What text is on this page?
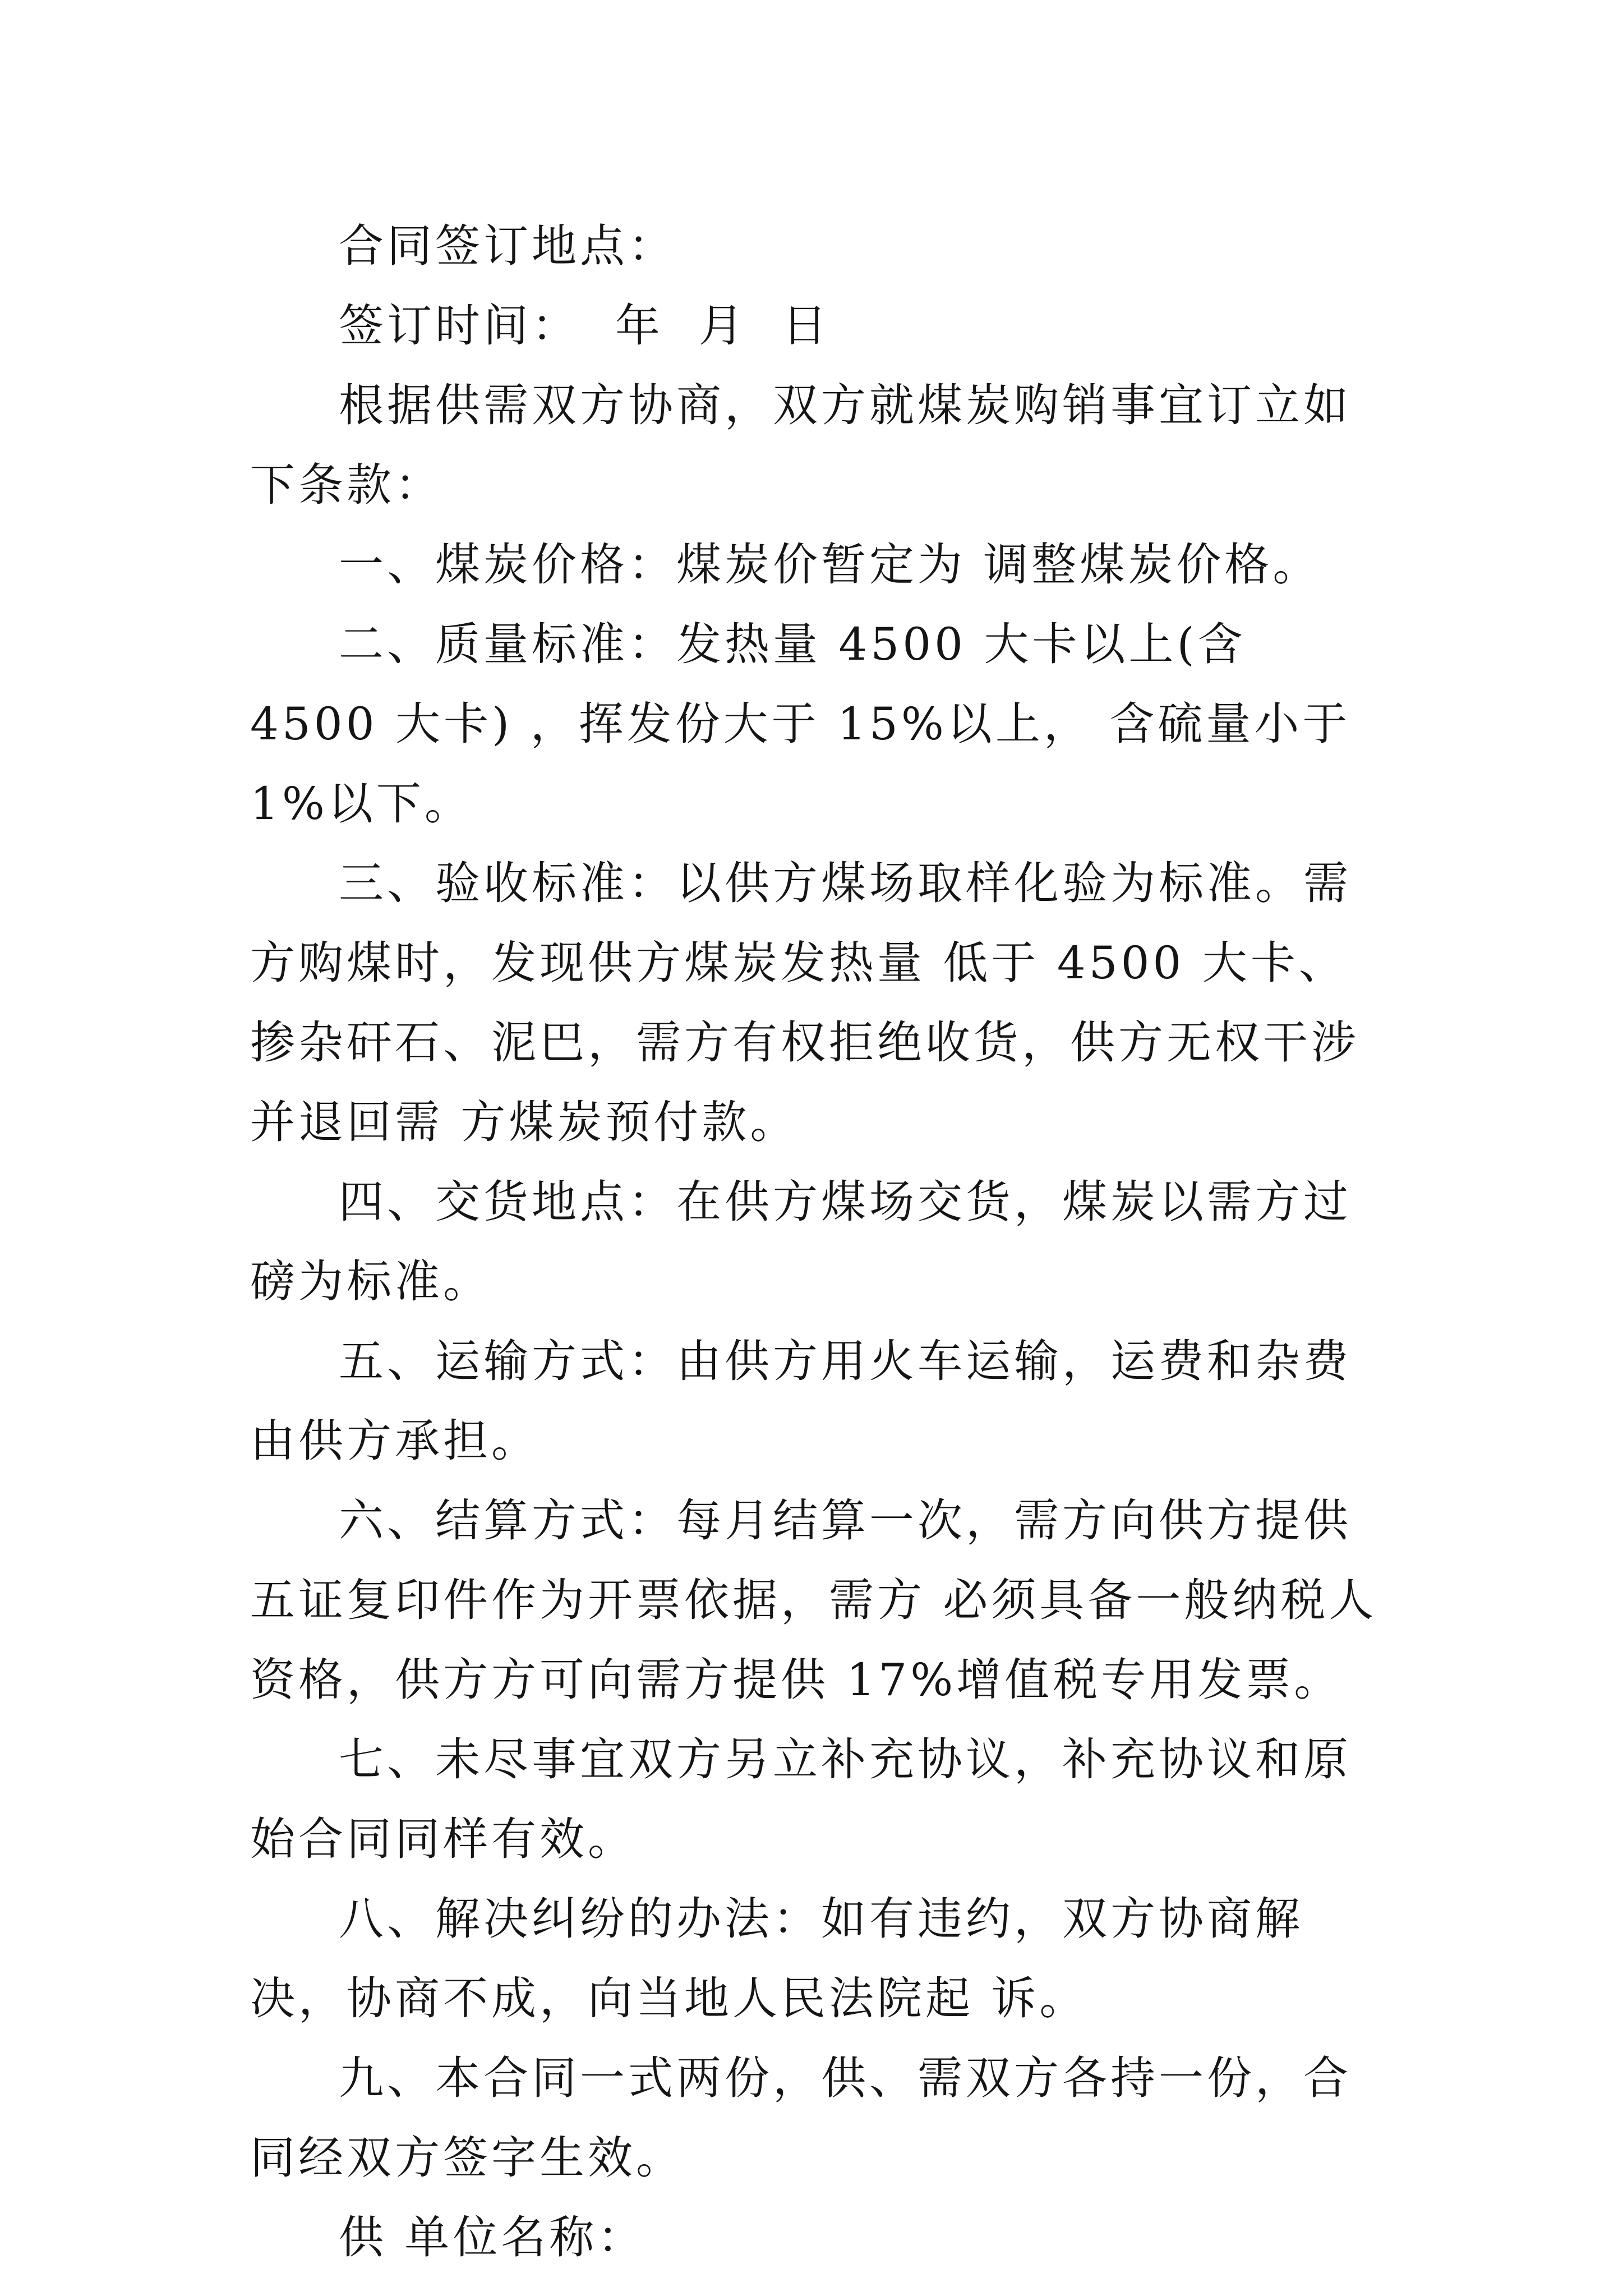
合同签订地点：

签订时间：  年  月  日

根据供需双方协商，双方就煤炭购销事宜订立如下条款：

一、煤炭价格：煤炭价暂定为 调整煤炭价格。

二、质量标准：发热量 4500 大卡以上(含 4500 大卡) ，挥发份大于 15%以上， 含硫量小于 1%以下。

三、验收标准：以供方煤场取样化验为标准。需方购煤时，发现供方煤炭发热量 低于 4500 大卡、掺杂矸石、泥巴，需方有权拒绝收货，供方无权干涉并退回需 方煤炭预付款。

四、交货地点：在供方煤场交货，煤炭以需方过磅为标准。

五、运输方式：由供方用火车运输，运费和杂费由供方承担。

六、结算方式：每月结算一次，需方向供方提供五证复印件作为开票依据，需方 必须具备一般纳税人资格，供方方可向需方提供 17%增值税专用发票。

七、未尽事宜双方另立补充协议，补充协议和原始合同同样有效。

八、解决纠纷的办法：如有违约，双方协商解决，协商不成，向当地人民法院起 诉。

九、本合同一式两份，供、需双方各持一份，合同经双方签字生效。

供 单位名称：
